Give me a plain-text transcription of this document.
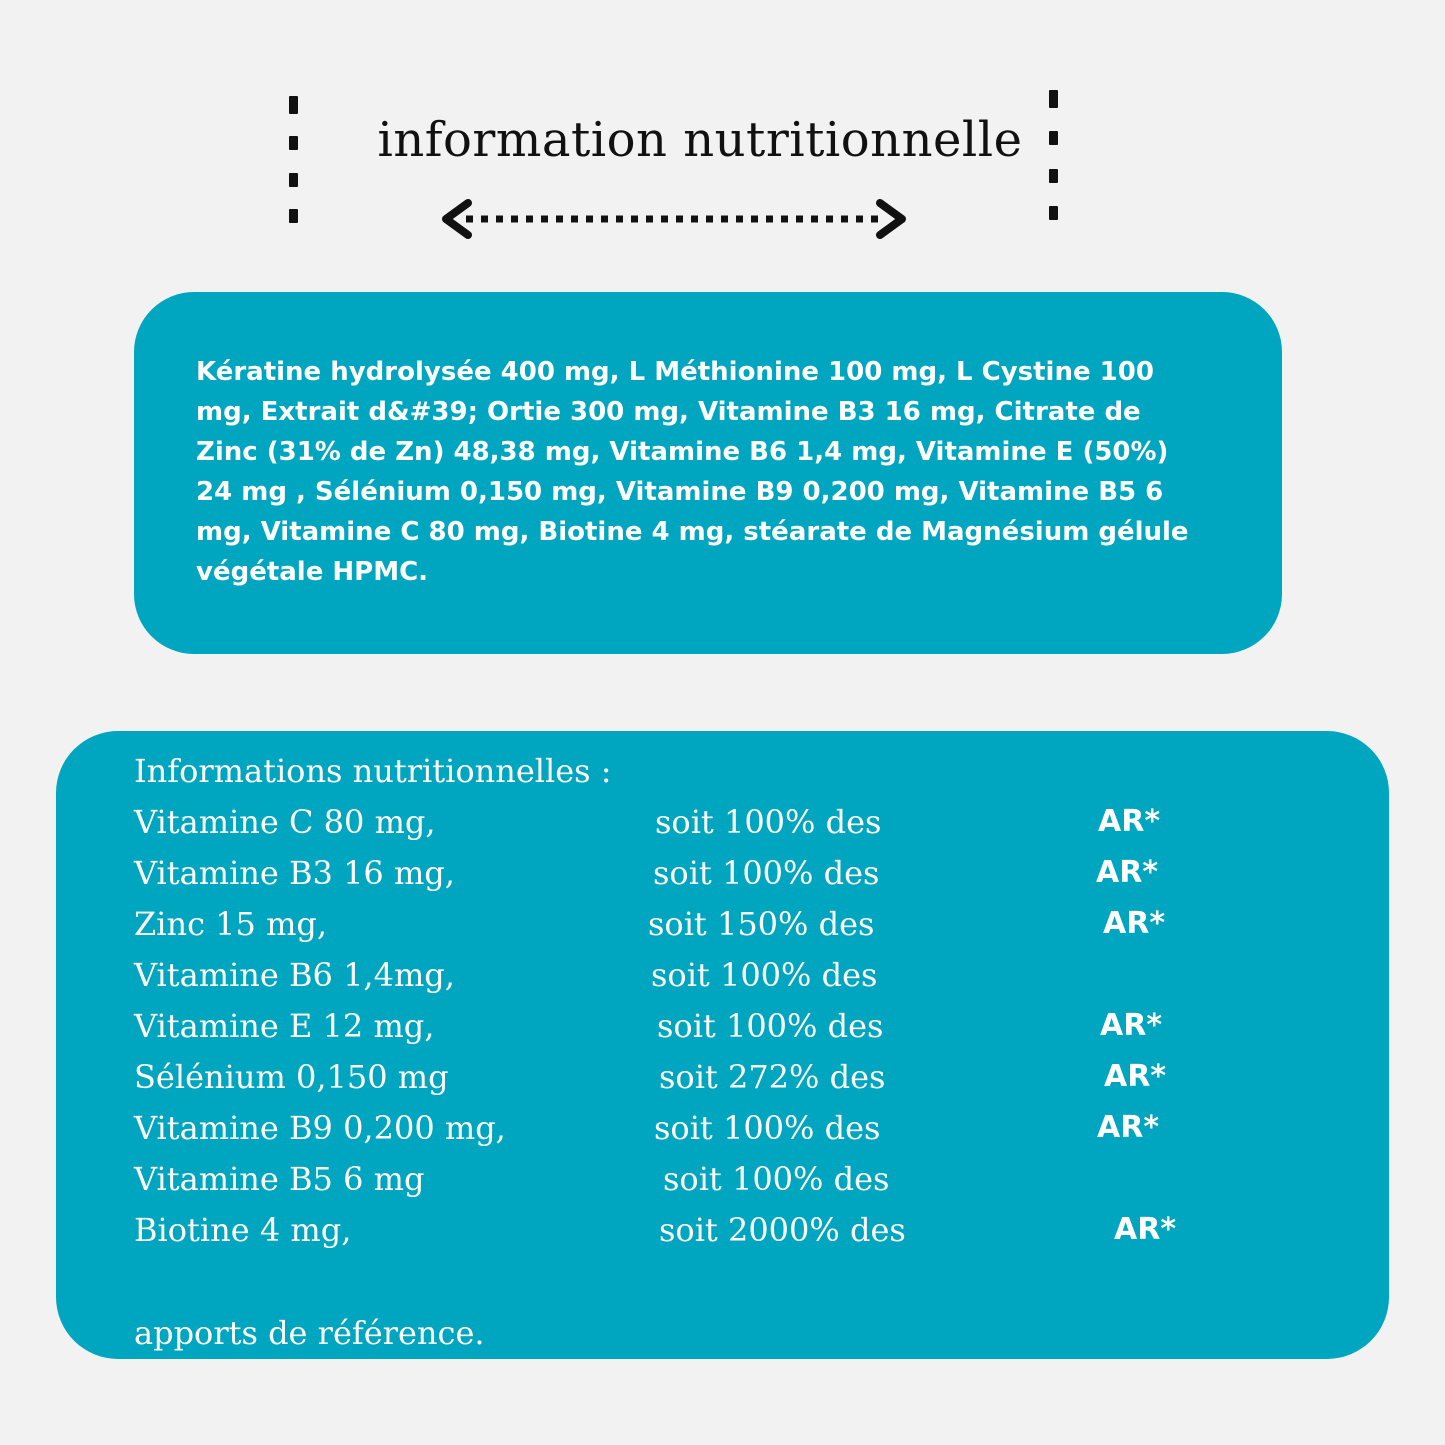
information nutritionnelle

Kératine hydrolysée 400 mg, L Méthionine 100 mg, L Cystine 100 mg, Extrait d&#39; Ortie 300 mg, Vitamine B3 16 mg, Citrate de Zinc (31% de Zn) 48,38 mg, Vitamine B6 1,4 mg, Vitamine E (50%) 24 mg , Sélénium 0,150 mg, Vitamine B9 0,200 mg, Vitamine B5 6 mg, Vitamine C 80 mg, Biotine 4 mg, stéarate de Magnésium gélule végétale HPMC.

Informations nutritionnelles :
Vitamine C 80 mg,	soit 100% des	AR*
Vitamine B3 16 mg,	soit 100% des	AR*
Zinc 15 mg,	soit 150% des	AR*
Vitamine B6 1,4mg,	soit 100% des
Vitamine E 12 mg,	soit 100% des	AR*
Sélénium 0,150 mg	soit 272% des	AR*
Vitamine B9 0,200 mg,	soit 100% des	AR*
Vitamine B5 6 mg	soit 100% des
Biotine 4 mg,	soit 2000% des	AR*
apports de référence.
